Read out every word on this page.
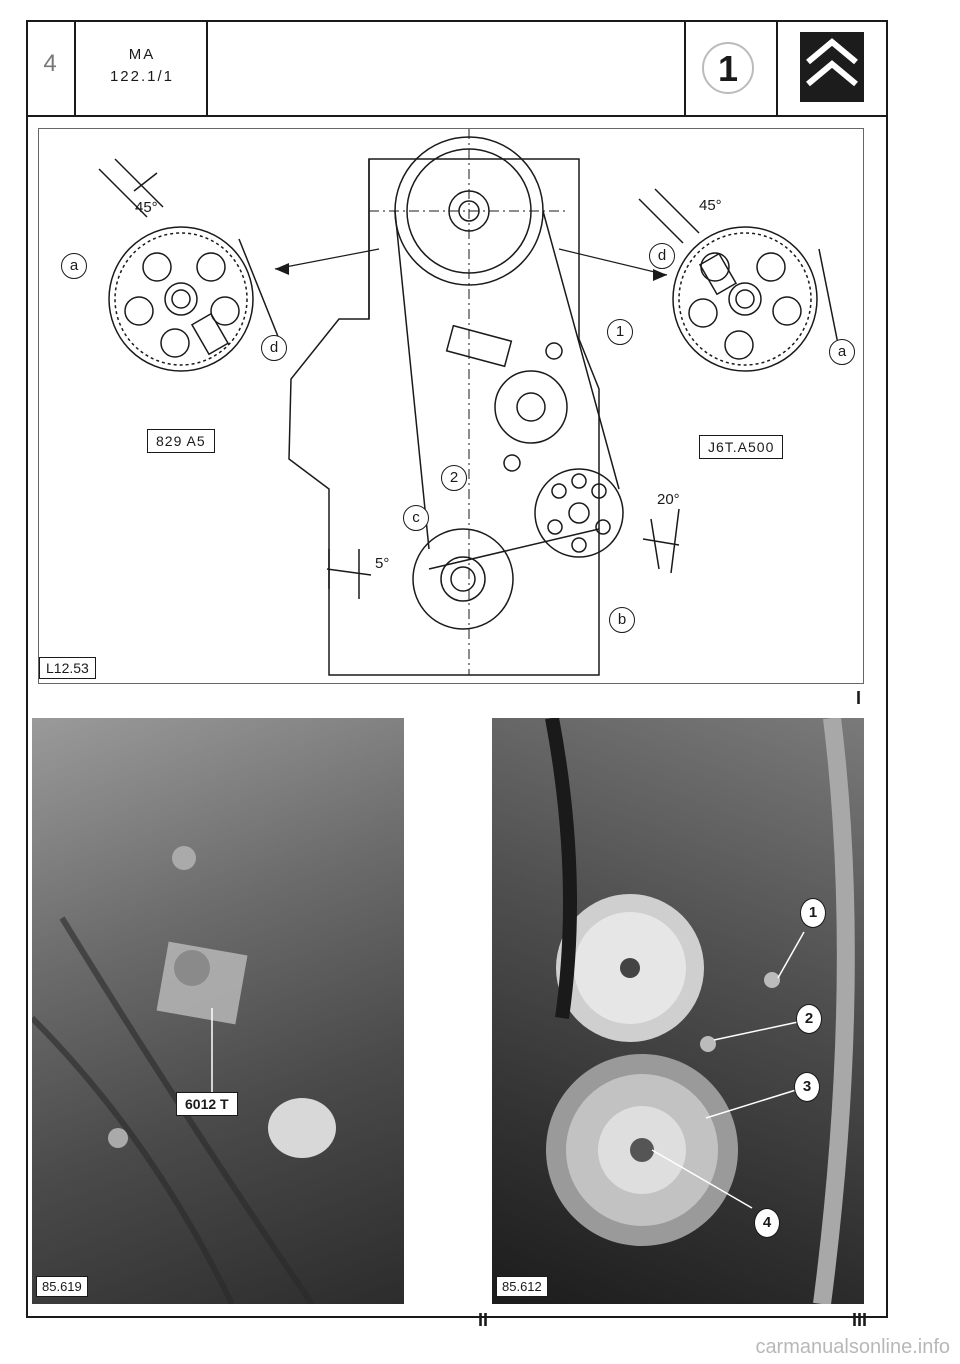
4	MA
122.1/1	1
45°	45°
20°
5°
a
d
d
a
1
2
c
b
829 A5	J6T.A500
L12.53
I
6012 T
85.619
II
1
2
3
4
85.612
III
carmanualsonline.info
